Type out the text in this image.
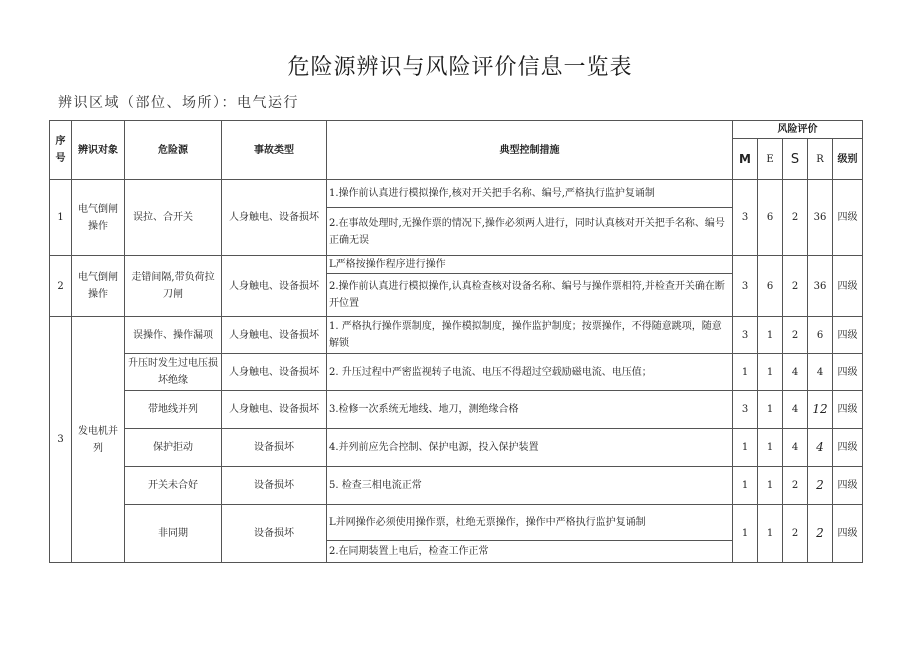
危险源辨识与风险评价信息一览表
辨识区域（部位、场所）：电气运行
序号	辨识对象	危险源	事故类型	典型控制措施	风险评价				
					M	E	S	R	级别
1	电气倒闸操作	误拉、合开关	人身触电、设备损坏	1.操作前认真进行模拟操作,核对开关把手名称、编号,严格执行监护复诵制	3	6	2	36	四级
				2.在事故处理时,无操作票的情况下,操作必须两人进行，同时认真核对开关把手名称、编号正确无误					
2	电气倒闸操作	走错间隔,带负荷拉刀闸	人身触电、设备损坏	L严格按操作程序进行操作	3	6	2	36	四级
				2.操作前认真进行模拟操作,认真检查核对设备名称、编号与操作票相符,并检查开关确在断开位置					
3	发电机并列	误操作、操作漏项	人身触电、设备损坏	1. 严格执行操作票制度，操作模拟制度，操作监护制度；按票操作，不得随意跳项，随意解锁	3	1	2	6	四级
		升压时发生过电压损坏绝缘	人身触电、设备损坏	2. 升压过程中严密监视转子电流、电压不得超过空载励磁电流、电压值；	1	1	4	4	四级
		带地线并列	人身触电、设备损坏	3.检修一次系统无地线、地刀，测绝缘合格	3	1	4	12	四级
		保护拒动	设备损坏	4.并列前应先合控制、保护电源，投入保护装置	1	1	4	4	四级
		开关未合好	设备损坏	5. 检查三相电流正常	1	1	2	2	四级
		非同期	设备损坏	L并网操作必须使用操作票，杜绝无票操作，操作中严格执行监护复诵制	1	1	2	2	四级
				2.在同期装置上电后，检查工作正常					
